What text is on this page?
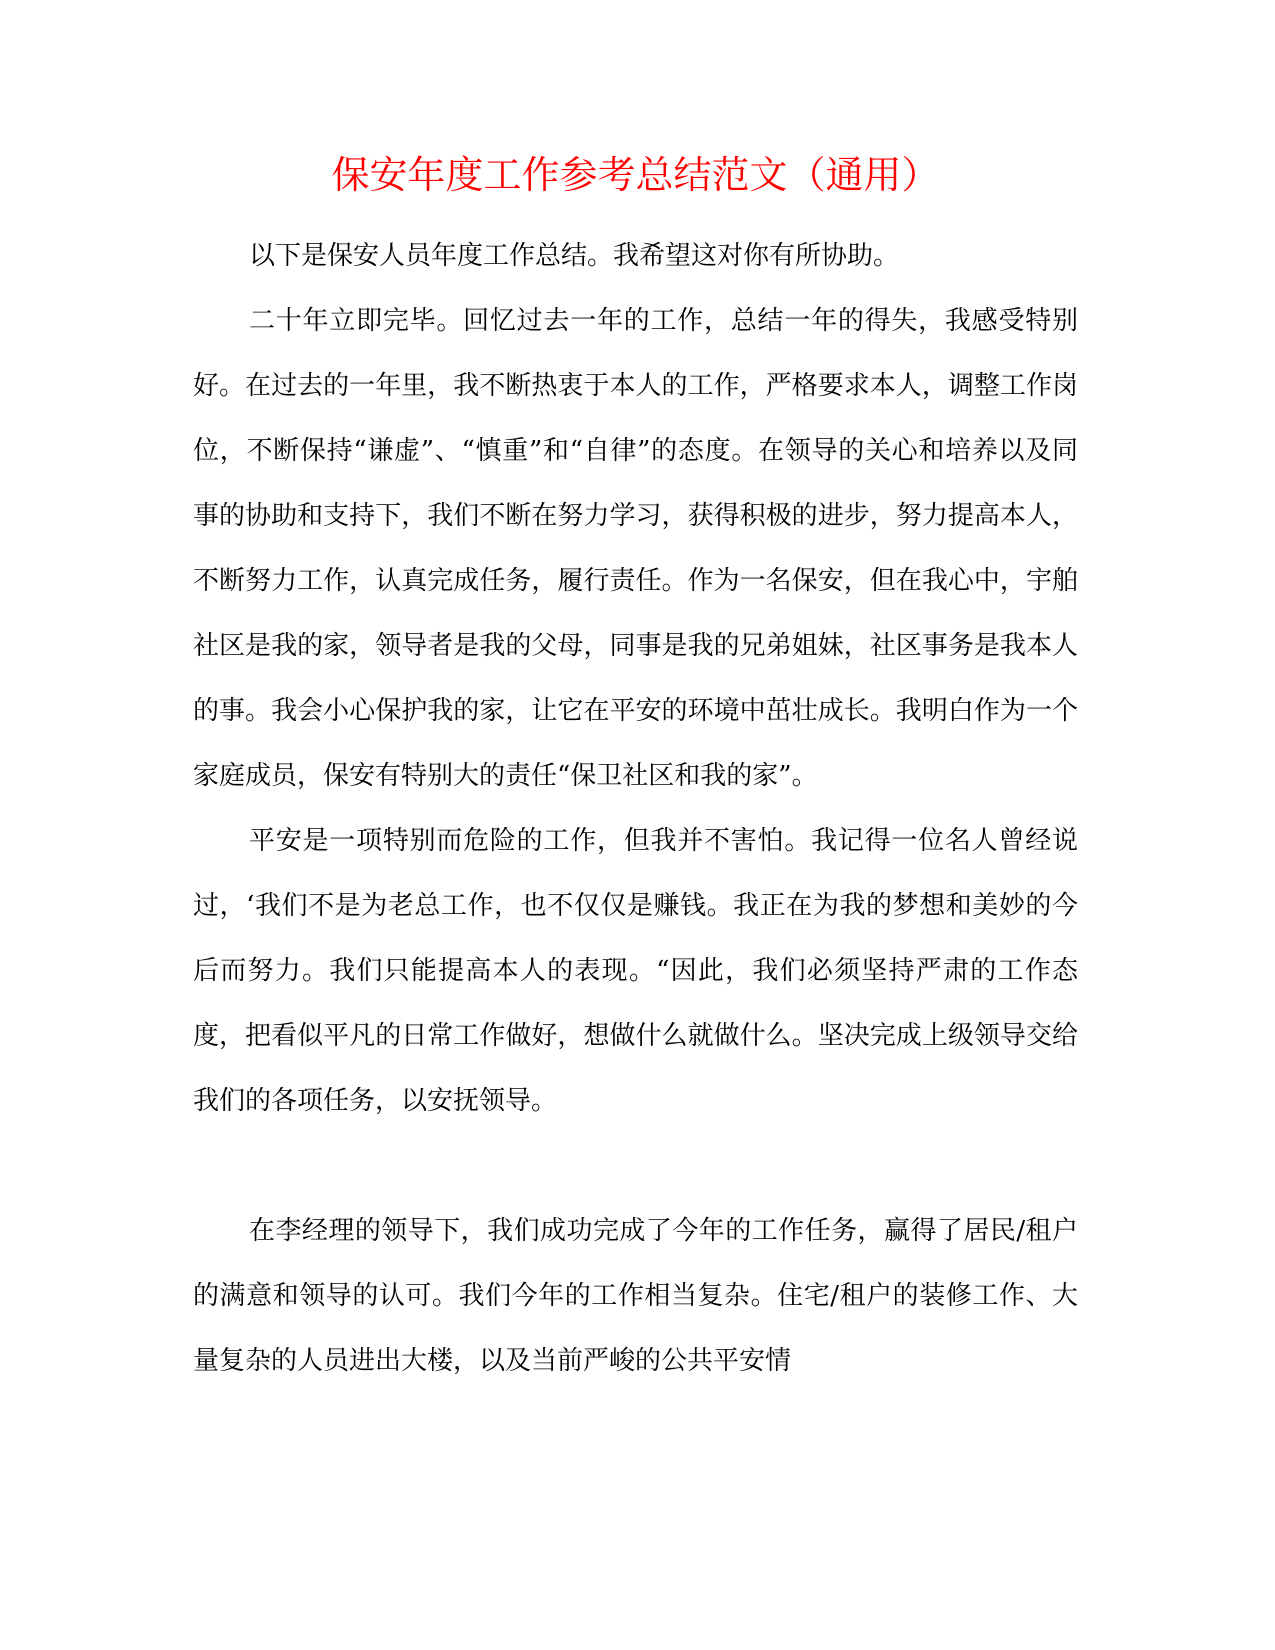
保安年度工作参考总结范文（通用）

以下是保安人员年度工作总结。我希望这对你有所协助。

二十年立即完毕。回忆过去一年的工作，总结一年的得失，我感受特别好。在过去的一年里，我不断热衷于本人的工作，严格要求本人，调整工作岗位，不断保持“谦虚”、“慎重”和“自律”的态度。在领导的关心和培养以及同事的协助和支持下，我们不断在努力学习，获得积极的进步，努力提高本人，不断努力工作，认真完成任务，履行责任。作为一名保安，但在我心中，宇舶社区是我的家，领导者是我的父母，同事是我的兄弟姐妹，社区事务是我本人的事。我会小心保护我的家，让它在平安的环境中茁壮成长。我明白作为一个家庭成员，保安有特别大的责任“保卫社区和我的家”。

平安是一项特别而危险的工作，但我并不害怕。我记得一位名人曾经说过，‘我们不是为老总工作，也不仅仅是赚钱。我正在为我的梦想和美妙的今后而努力。我们只能提高本人的表现。“因此，我们必须坚持严肃的工作态度，把看似平凡的日常工作做好，想做什么就做什么。坚决完成上级领导交给我们的各项任务，以安抚领导。

在李经理的领导下，我们成功完成了今年的工作任务，赢得了居民/租户的满意和领导的认可。我们今年的工作相当复杂。住宅/租户的装修工作、大量复杂的人员进出大楼，以及当前严峻的公共平安情
